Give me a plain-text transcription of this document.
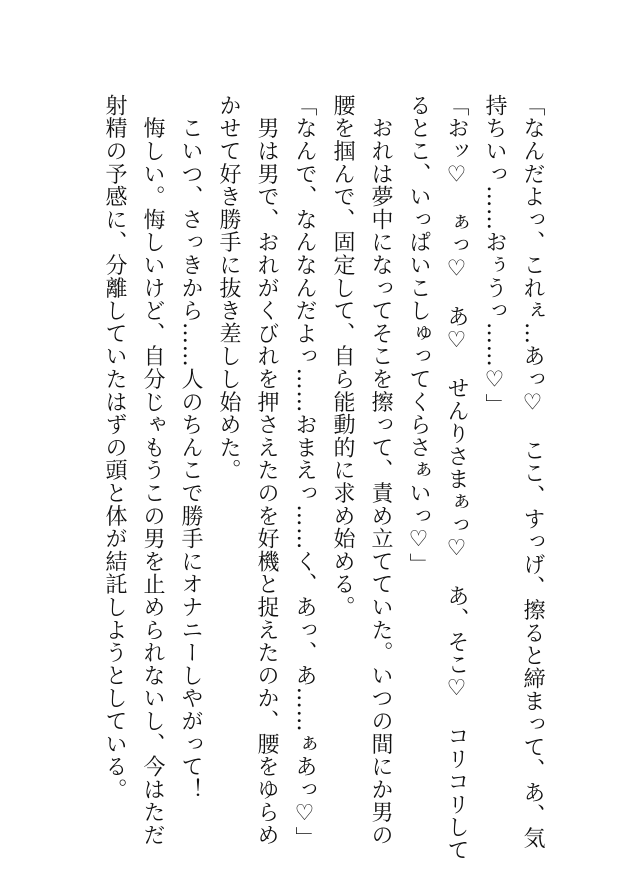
「なんだよっ、これぇ…あっ♡　ここ、すっげ、擦ると締まって、あ、気
持ちいっ……おぅうっ……♡」
「おッ♡　ぁっ♡　あ♡　せんりさまぁっ♡　あ、そこ♡　コリコリして
るとこ、いっぱいこしゅってくらさぁいっ♡」
　おれは夢中になってそこを擦って、責め立てていた。いつの間にか男の
腰を掴んで、固定して、自ら能動的に求め始める。
「なんで、なんなんだよっ……おまえっ……く、あっ、あ……ぁあっ♡」
　男は男で、おれがくびれを押さえたのを好機と捉えたのか、腰をゆらめ
かせて好き勝手に抜き差しし始めた。
　こいつ、さっきから……人のちんこで勝手にオナニーしやがって！
　悔しい。悔しいけど、自分じゃもうこの男を止められないし、今はただ
射精の予感に、分離していたはずの頭と体が結託しようとしている。
